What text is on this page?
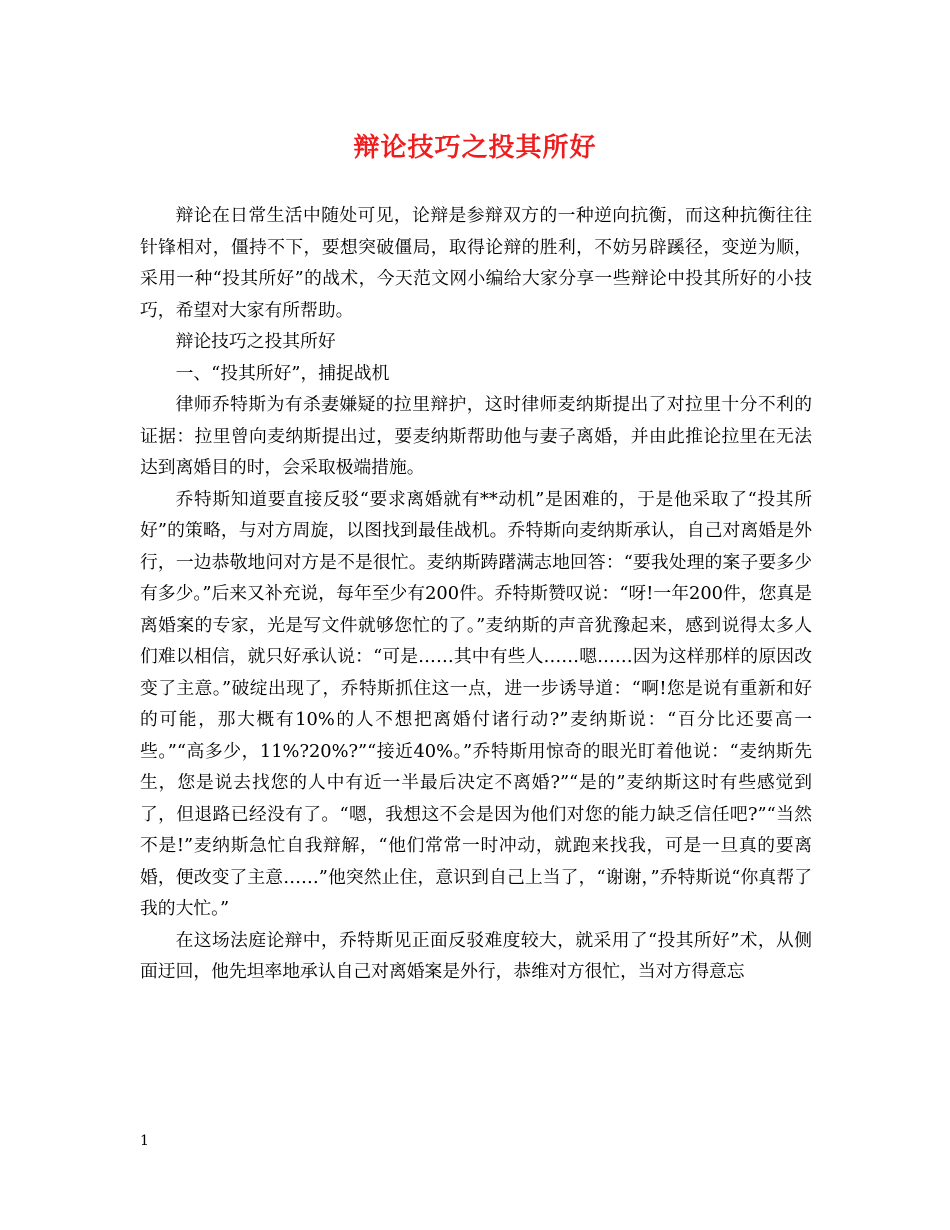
辩论技巧之投其所好

辩论在日常生活中随处可见，论辩是参辩双方的一种逆向抗衡，而这种抗衡往往针锋相对，僵持不下，要想突破僵局，取得论辩的胜利，不妨另辟蹊径，变逆为顺，采用一种“投其所好”的战术，今天范文网小编给大家分享一些辩论中投其所好的小技巧，希望对大家有所帮助。

辩论技巧之投其所好

一、“投其所好”，捕捉战机

律师乔特斯为有杀妻嫌疑的拉里辩护，这时律师麦纳斯提出了对拉里十分不利的证据：拉里曾向麦纳斯提出过，要麦纳斯帮助他与妻子离婚，并由此推论拉里在无法达到离婚目的时，会采取极端措施。

乔特斯知道要直接反驳“要求离婚就有**动机”是困难的，于是他采取了“投其所好”的策略，与对方周旋，以图找到最佳战机。乔特斯向麦纳斯承认，自己对离婚是外行，一边恭敬地问对方是不是很忙。麦纳斯踌躇满志地回答：“要我处理的案子要多少有多少。”后来又补充说，每年至少有200件。乔特斯赞叹说：“呀!一年200件，您真是离婚案的专家，光是写文件就够您忙的了。”麦纳斯的声音犹豫起来，感到说得太多人们难以相信，就只好承认说：“可是……其中有些人……嗯……因为这样那样的原因改变了主意。”破绽出现了，乔特斯抓住这一点，进一步诱导道：“啊!您是说有重新和好的可能，那大概有10%的人不想把离婚付诸行动?”麦纳斯说：“百分比还要高一些。”“高多少，11%?20%?”“接近40%。”乔特斯用惊奇的眼光盯着他说：“麦纳斯先生，您是说去找您的人中有近一半最后决定不离婚?”“是的”麦纳斯这时有些感觉到了，但退路已经没有了。“嗯，我想这不会是因为他们对您的能力缺乏信任吧?”“当然不是!”麦纳斯急忙自我辩解，“他们常常一时冲动，就跑来找我，可是一旦真的要离婚，便改变了主意……”他突然止住，意识到自己上当了，“谢谢，”乔特斯说“你真帮了我的大忙。”

在这场法庭论辩中，乔特斯见正面反驳难度较大，就采用了“投其所好”术，从侧面迂回，他先坦率地承认自己对离婚案是外行，恭维对方很忙，当对方得意忘

1
